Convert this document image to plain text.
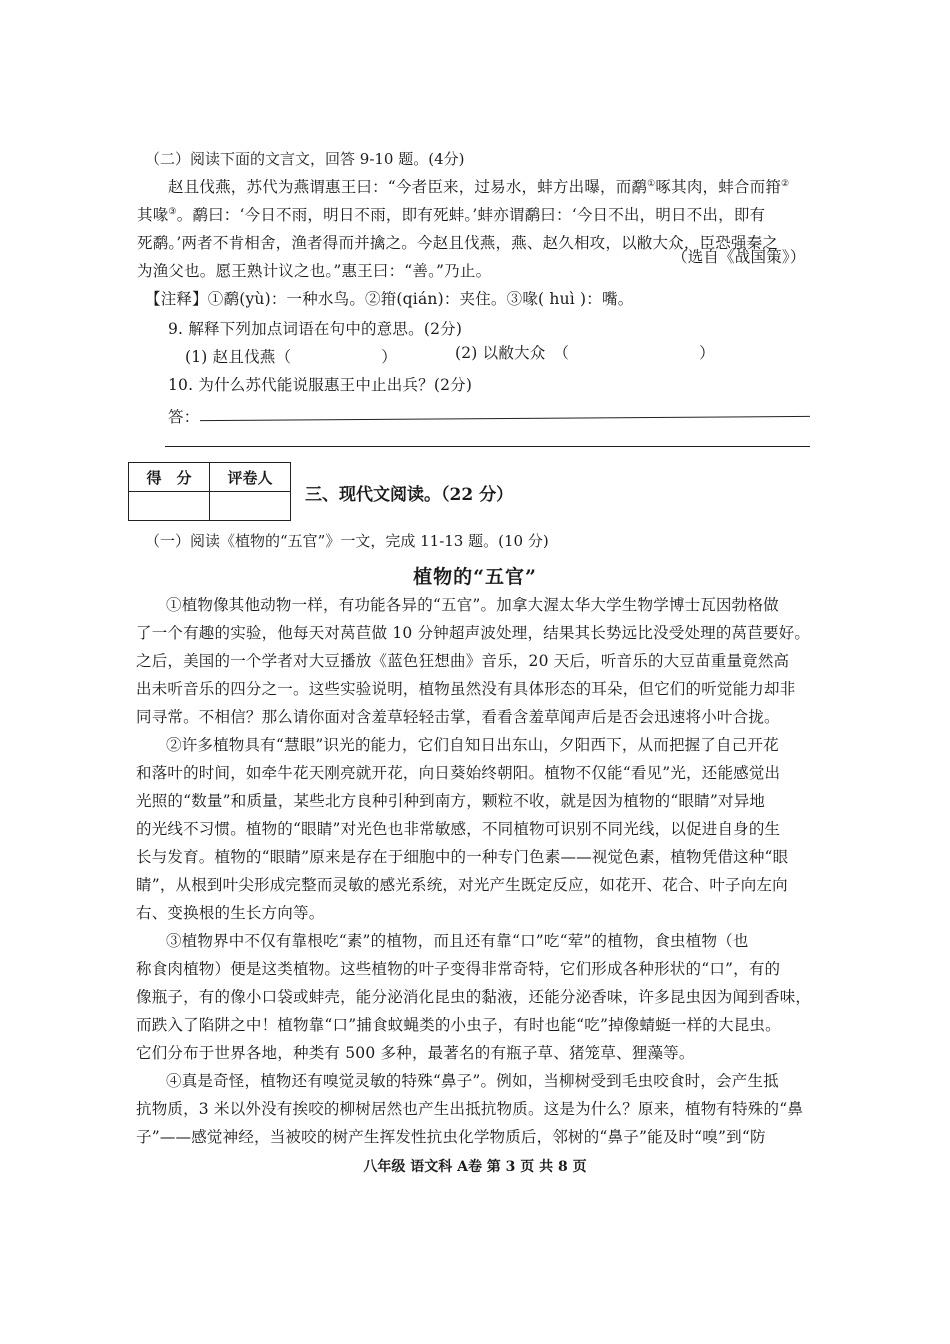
（二）阅读下面的文言文，回答 9-10 题。(4分)
赵且伐燕，苏代为燕谓惠王曰：“今者臣来，过易水，蚌方出曝，而鹬①啄其肉，蚌合而箝②
其喙③。鹬曰：‘今日不雨，明日不雨，即有死蚌。’蚌亦谓鹬曰：‘今日不出，明日不出，即有
死鹬。’两者不肯相舍，渔者得而并擒之。今赵且伐燕，燕、赵久相攻，以敝大众，臣恐强秦之
为渔父也。愿王熟计议之也。”惠王曰：“善。”乃止。
（选自《战国策》）
【注释】①鹬(yù)：一种水鸟。②箝(qián)：夹住。③喙( huì )：嘴。
9. 解释下列加点词语在句中的意思。(2分)
(1) 赵且伐燕（	）	(2) 以敝大众　（	）
10. 为什么苏代能说服惠王中止出兵？(2分)
答：
得　分	评卷人

三、现代文阅读。（22 分）
（一）阅读《植物的“五官”》一文，完成 11-13 题。(10 分)
植物的“五官”
①植物像其他动物一样，有功能各异的“五官”。加拿大渥太华大学生物学博士瓦因勃格做
了一个有趣的实验，他每天对莴苣做 10 分钟超声波处理，结果其长势远比没受处理的莴苣要好。
之后，美国的一个学者对大豆播放《蓝色狂想曲》音乐，20 天后，听音乐的大豆苗重量竟然高
出未听音乐的四分之一。这些实验说明，植物虽然没有具体形态的耳朵，但它们的听觉能力却非
同寻常。不相信？那么请你面对含羞草轻轻击掌，看看含羞草闻声后是否会迅速将小叶合拢。
②许多植物具有“慧眼”识光的能力，它们自知日出东山，夕阳西下，从而把握了自己开花
和落叶的时间，如牵牛花天刚亮就开花，向日葵始终朝阳。植物不仅能“看见”光，还能感觉出
光照的“数量”和质量，某些北方良种引种到南方，颗粒不收，就是因为植物的“眼睛”对异地
的光线不习惯。植物的“眼睛”对光色也非常敏感，不同植物可识别不同光线，以促进自身的生
长与发育。植物的“眼睛”原来是存在于细胞中的一种专门色素——视觉色素，植物凭借这种“眼
睛”，从根到叶尖形成完整而灵敏的感光系统，对光产生既定反应，如花开、花合、叶子向左向
右、变换根的生长方向等。
③植物界中不仅有靠根吃“素”的植物，而且还有靠“口”吃“荤”的植物，食虫植物（也
称食肉植物）便是这类植物。这些植物的叶子变得非常奇特，它们形成各种形状的“口”，有的
像瓶子，有的像小口袋或蚌壳，能分泌消化昆虫的黏液，还能分泌香味，许多昆虫因为闻到香味，
而跌入了陷阱之中！植物靠“口”捕食蚊蝇类的小虫子，有时也能“吃”掉像蜻蜓一样的大昆虫。
它们分布于世界各地，种类有 500 多种，最著名的有瓶子草、猪笼草、狸藻等。
④真是奇怪，植物还有嗅觉灵敏的特殊“鼻子”。例如，当柳树受到毛虫咬食时，会产生抵
抗物质，3 米以外没有挨咬的柳树居然也产生出抵抗物质。这是为什么？原来，植物有特殊的“鼻
子”——感觉神经，当被咬的树产生挥发性抗虫化学物质后，邻树的“鼻子”能及时“嗅”到“防
八年级 语文科 A卷 第 3 页 共 8 页
